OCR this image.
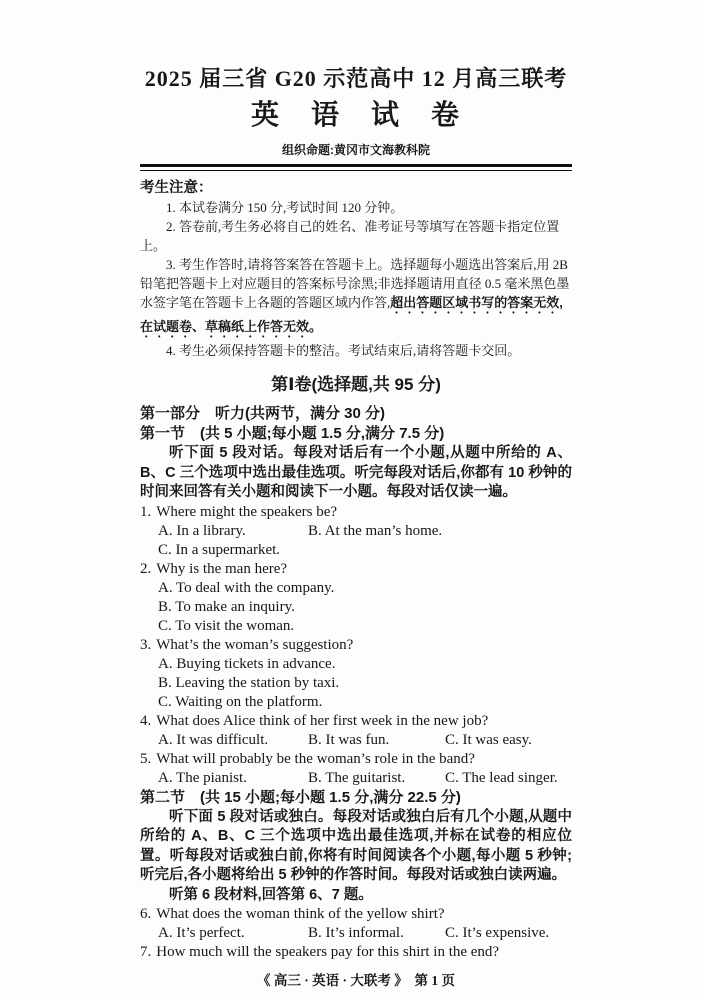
2025 届三省 G20 示范高中 12 月高三联考
英　语　试　卷
组织命题:黄冈市文海教科院
考生注意：

1. 本试卷满分 150 分,考试时间 120 分钟。

2. 答卷前,考生务必将自己的姓名、准考证号等填写在答题卡指定位置上。

3. 考生作答时,请将答案答在答题卡上。选择题每小题选出答案后,用 2B 铅笔把答题卡上对应题目的答案标号涂黑;非选择题请用直径 0.5 毫米黑色墨水签字笔在答题卡上各题的答题区域内作答,超出答题区域书写的答案无效,在试题卷、草稿纸上作答无效。

4. 考生必须保持答题卡的整洁。考试结束后,请将答题卡交回。

第Ⅰ卷(选择题,共 95 分)
第一部分　听力(共两节，满分 30 分)
第一节　(共 5 小题;每小题 1.5 分,满分 7.5 分)

听下面 5 段对话。每段对话后有一个小题,从题中所给的 A、B、C 三个选项中选出最佳选项。听完每段对话后,你都有 10 秒钟的时间来回答有关小题和阅读下一小题。每段对话仅读一遍。

1. Where might the speakers be?

A. In a library.	B. At the man’s home.
C. In a supermarket.

2. Why is the man here?

A. To deal with the company.
B. To make an inquiry.
C. To visit the woman.

3. What’s the woman’s suggestion?

A. Buying tickets in advance.
B. Leaving the station by taxi.
C. Waiting on the platform.

4. What does Alice think of her first week in the new job?

A. It was difficult.	B. It was fun.	C. It was easy.

5. What will probably be the woman’s role in the band?

A. The pianist.	B. The guitarist.	C. The lead singer.
第二节　(共 15 小题;每小题 1.5 分,满分 22.5 分)

听下面 5 段对话或独白。每段对话或独白后有几个小题,从题中所给的 A、B、C 三个选项中选出最佳选项,并标在试卷的相应位置。听每段对话或独白前,你将有时间阅读各个小题,每小题 5 秒钟;听完后,各小题将给出 5 秒钟的作答时间。每段对话或独白读两遍。

听第 6 段材料,回答第 6、7 题。

6. What does the woman think of the yellow shirt?

A. It’s perfect.	B. It’s informal.	C. It’s expensive.

7. How much will the speakers pay for this shirt in the end?

《 高三 · 英语 · 大联考 》　第 1 页
